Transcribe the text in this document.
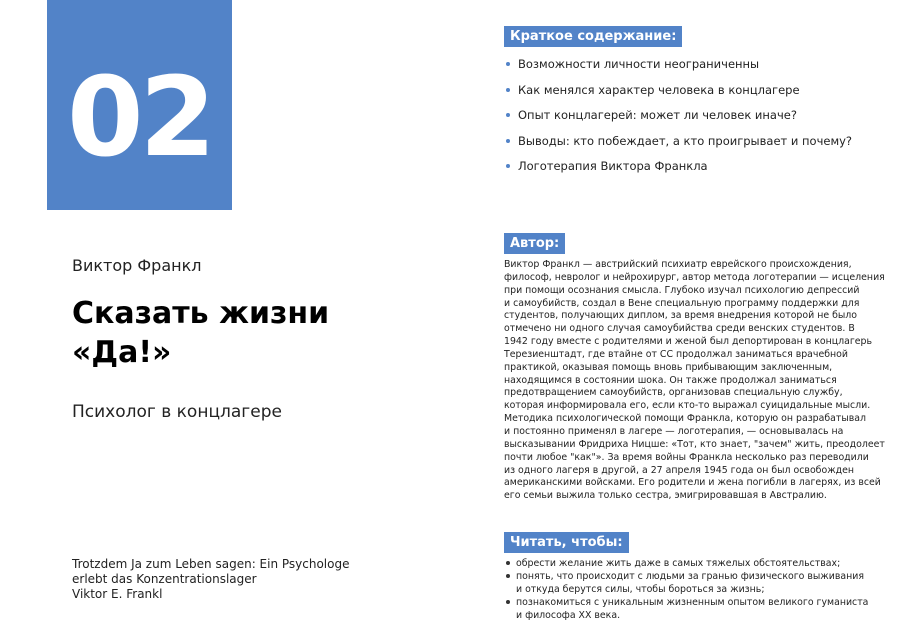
02
Виктор Франкл
Сказать жизни
«Да!»
Психолог в концлагере
Trotzdem Ja zum Leben sagen: Ein Psychologe
erlebt das Konzentrationslager
Viktor E. Frankl
Краткое содержание:
Возможности личности неограниченны
Как менялся характер человека в концлагере
Опыт концлагерей: может ли человек иначе?
Выводы: кто побеждает, а кто проигрывает и почему?
Логотерапия Виктора Франкла
Автор:
Виктор Франкл — австрийский психиатр еврейского происхождения,
философ, невролог и нейрохирург, автор метода логотерапии — исцеления
при помощи осознания смысла. Глубоко изучал психологию депрессий
и самоубийств, создал в Вене специальную программу поддержки для
студентов, получающих диплом, за время внедрения которой не было
отмечено ни одного случая самоубийства среди венских студентов. В
1942 году вместе с родителями и женой был депортирован в концлагерь
Терезиенштадт, где втайне от СС продолжал заниматься врачебной
практикой, оказывая помощь вновь прибывающим заключенным,
находящимся в состоянии шока. Он также продолжал заниматься
предотвращением самоубийств, организовав специальную службу,
которая информировала его, если кто-то выражал суицидальные мысли.
Методика психологической помощи Франкла, которую он разрабатывал
и постоянно применял в лагере — логотерапия, — основывалась на
высказывании Фридриха Ницше: «Тот, кто знает, "зачем" жить, преодолеет
почти любое "как"». За время войны Франкла несколько раз переводили
из одного лагеря в другой, а 27 апреля 1945 года он был освобожден
американскими войсками. Его родители и жена погибли в лагерях, из всей
его семьи выжила только сестра, эмигрировавшая в Австралию.
Читать, чтобы:
обрести желание жить даже в самых тяжелых обстоятельствах;
понять, что происходит с людьми за гранью физического выживания
и откуда берутся силы, чтобы бороться за жизнь;
познакомиться с уникальным жизненным опытом великого гуманиста
и философа XX века.
